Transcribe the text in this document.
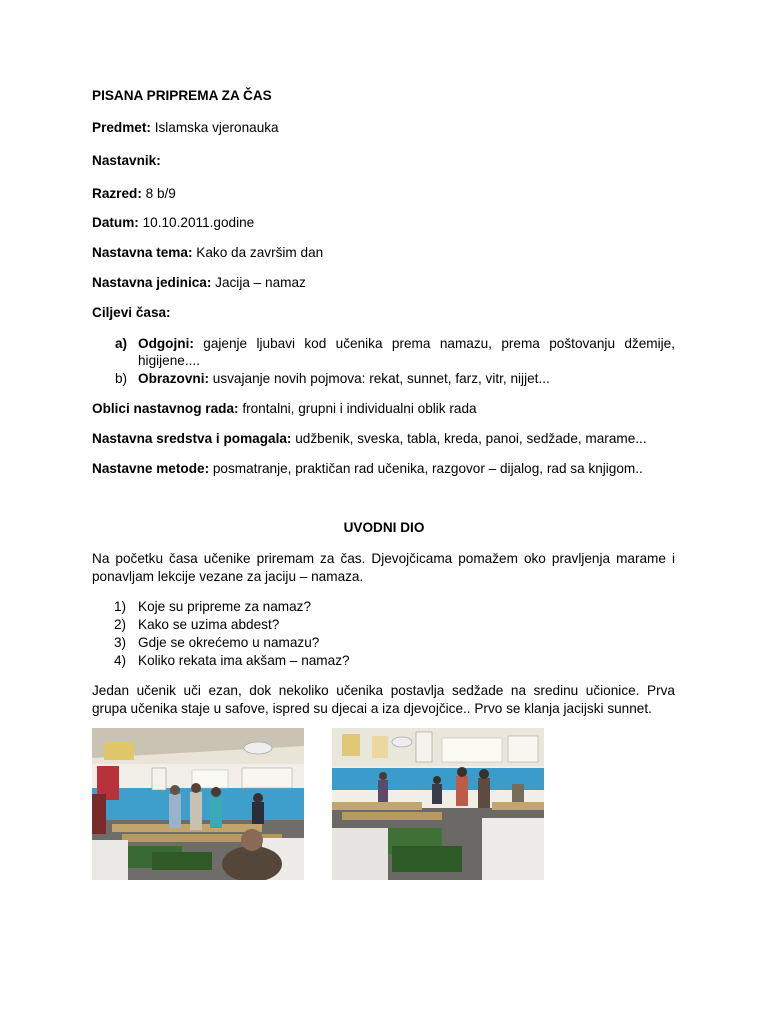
PISANA PRIPREMA ZA ČAS
Predmet: Islamska vjeronauka
Nastavnik:
Razred: 8 b/9
Datum: 10.10.2011.godine
Nastavna tema: Kako da završim dan
Nastavna jedinica: Jacija – namaz
Ciljevi časa:
a) Odgojni: gajenje ljubavi kod učenika prema namazu, prema poštovanju džemije,
higijene....
b) Obrazovni: usvajanje novih pojmova: rekat, sunnet, farz, vitr, nijjet...
Oblici nastavnog rada: frontalni, grupni i individualni oblik rada
Nastavna sredstva i pomagala: udžbenik, sveska, tabla, kreda, panoi, sedžade, marame...
Nastavne metode: posmatranje, praktičan rad učenika, razgovor – dijalog, rad sa knjigom..
UVODNI DIO
Na početku časa učenike priremam za čas. Djevojčicama pomažem oko pravljenja marame i
ponavljam lekcije vezane za jaciju – namaza.
1) Koje su pripreme za namaz?
2) Kako se uzima abdest?
3) Gdje se okrećemo u namazu?
4) Koliko rekata ima akšam – namaz?
Jedan učenik uči ezan, dok nekoliko učenika postavlja sedžade na sredinu učionice. Prva
grupa učenika staje u safove, ispred su djecai a iza djevojčice.. Prvo se klanja jacijski sunnet.
